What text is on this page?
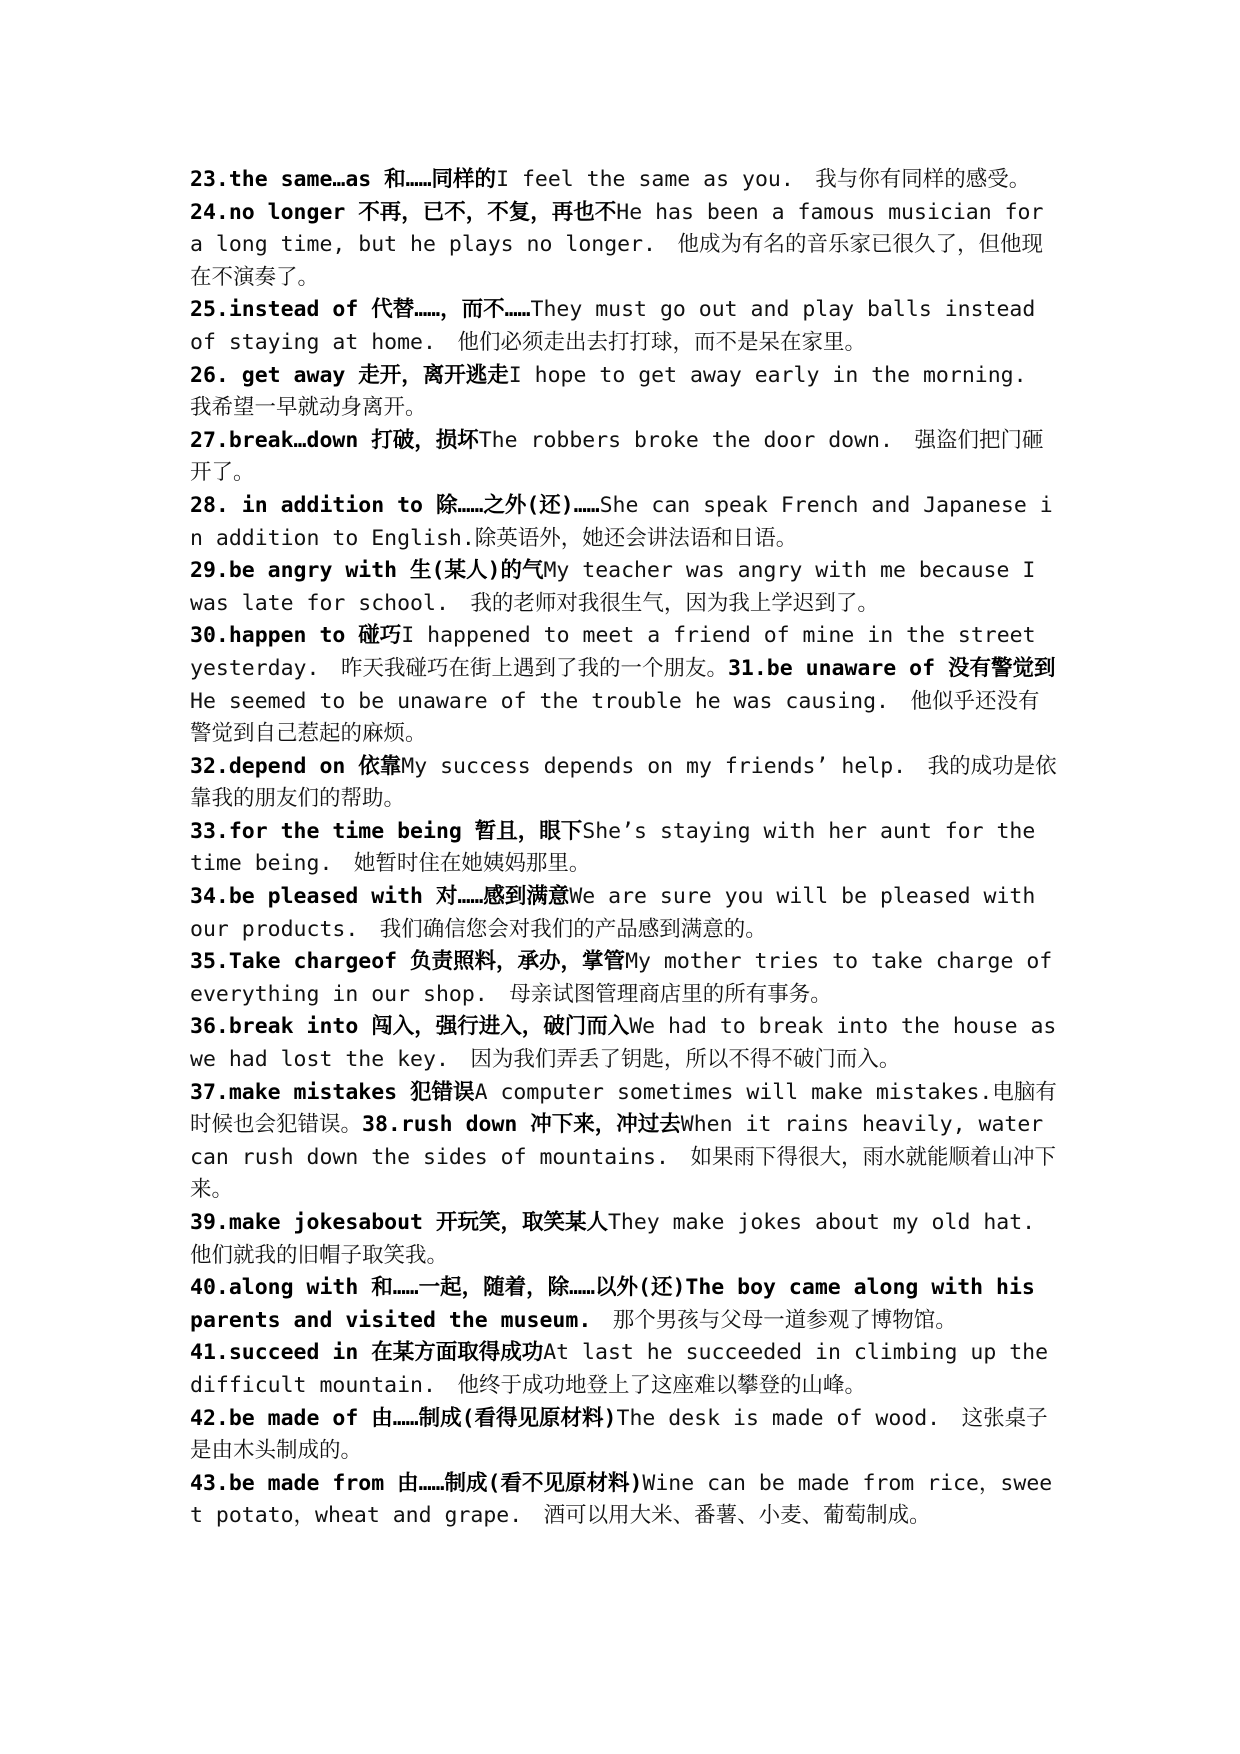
23.the same…as 和……同样的I feel the same as you.　我与你有同样的感受。

24.no longer 不再，已不，不复，再也不He has been a famous musician for a long time, but he plays no longer.　他成为有名的音乐家已很久了，但他现在不演奏了。

25.instead of 代替……，而不……They must go out and play balls instead of staying at home.　他们必须走出去打打球，而不是呆在家里。

26. get away 走开，离开逃走I hope to get away early in the morning.　我希望一早就动身离开。

27.break…down 打破，损坏The robbers broke the door down.　强盗们把门砸开了。

28. in addition to 除……之外(还)……She can speak French and Japanese in addition to English.除英语外，她还会讲法语和日语。

29.be angry with 生(某人)的气My teacher was angry with me because I was late for school.　我的老师对我很生气，因为我上学迟到了。

30.happen to 碰巧I happened to meet a friend of mine in the street yesterday.　昨天我碰巧在街上遇到了我的一个朋友。31.be unaware of 没有警觉到He seemed to be unaware of the trouble he was causing.　他似乎还没有警觉到自己惹起的麻烦。

32.depend on 依靠My success depends on my friends’ help.　我的成功是依靠我的朋友们的帮助。

33.for the time being 暂且，眼下She’s staying with her aunt for the time being.　她暂时住在她姨妈那里。

34.be pleased with 对……感到满意We are sure you will be pleased with our products.　我们确信您会对我们的产品感到满意的。

35.Take chargeof 负责照料，承办，掌管My mother tries to take charge of everything in our shop.　母亲试图管理商店里的所有事务。

36.break into 闯入，强行进入，破门而入We had to break into the house as we had lost the key.　因为我们弄丢了钥匙，所以不得不破门而入。

37.make mistakes 犯错误A computer sometimes will make mistakes.电脑有时候也会犯错误。38.rush down 冲下来，冲过去When it rains heavily, water can rush down the sides of mountains.　如果雨下得很大，雨水就能顺着山冲下来。

39.make jokesabout 开玩笑，取笑某人They make jokes about my old hat.　他们就我的旧帽子取笑我。

40.along with 和……一起，随着，除……以外(还)The boy came along with his parents and visited the museum.　 那个男孩与父母一道参观了博物馆。

41.succeed in 在某方面取得成功At last he succeeded in climbing up the difficult mountain.　他终于成功地登上了这座难以攀登的山峰。

42.be made of 由……制成(看得见原材料)The desk is made of wood.　这张桌子是由木头制成的。

43.be made from 由……制成(看不见原材料)Wine can be made from rice，sweet potato，wheat and grape.　酒可以用大米、番薯、小麦、葡萄制成。
